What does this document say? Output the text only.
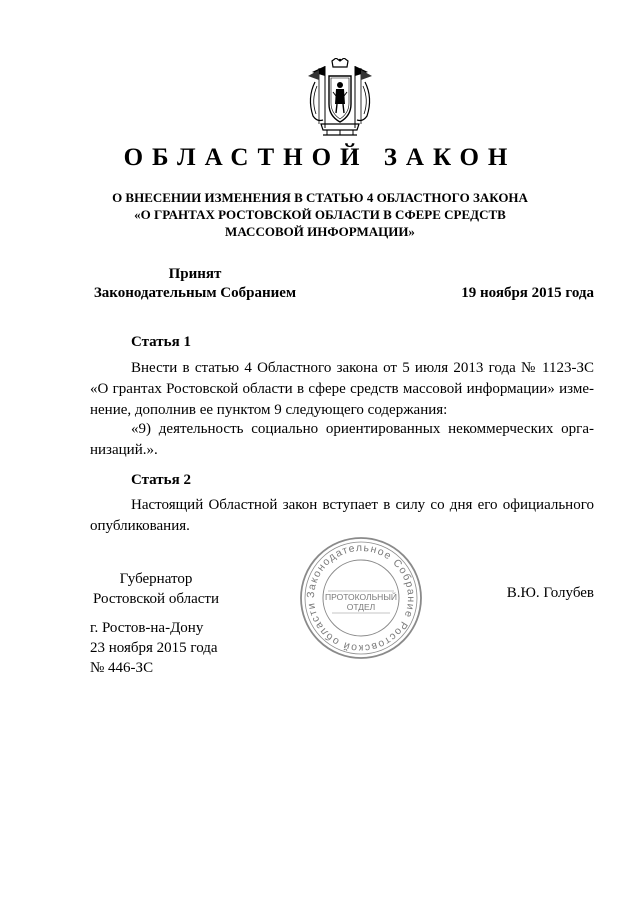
ОБЛАСТНОЙ ЗАКОН
О ВНЕСЕНИИ ИЗМЕНЕНИЯ В СТАТЬЮ 4 ОБЛАСТНОГО ЗАКОНА
«О ГРАНТАХ РОСТОВСКОЙ ОБЛАСТИ В СФЕРЕ СРЕДСТВ
МАССОВОЙ ИНФОРМАЦИИ»
Принят
Законодательным Собранием	19 ноября 2015 года
Статья 1
Внести в статью 4 Областного закона от 5 июля 2013 года № 1123-ЗС
«О грантах Ростовской области в сфере средств массовой информации» изме-
нение, дополнив ее пунктом 9 следующего содержания:
«9) деятельность социально ориентированных некоммерческих орга-
низаций.».
Статья 2
Настоящий Областной закон вступает в силу со дня его официального
опубликования.
Губернатор
Ростовской области	В.Ю. Голубев
г. Ростов-на-Дону
23 ноября 2015 года
№ 446-ЗС
Законодательное Собрание Ростовской области
ПРОТОКОЛЬНЫЙ
ОТДЕЛ
